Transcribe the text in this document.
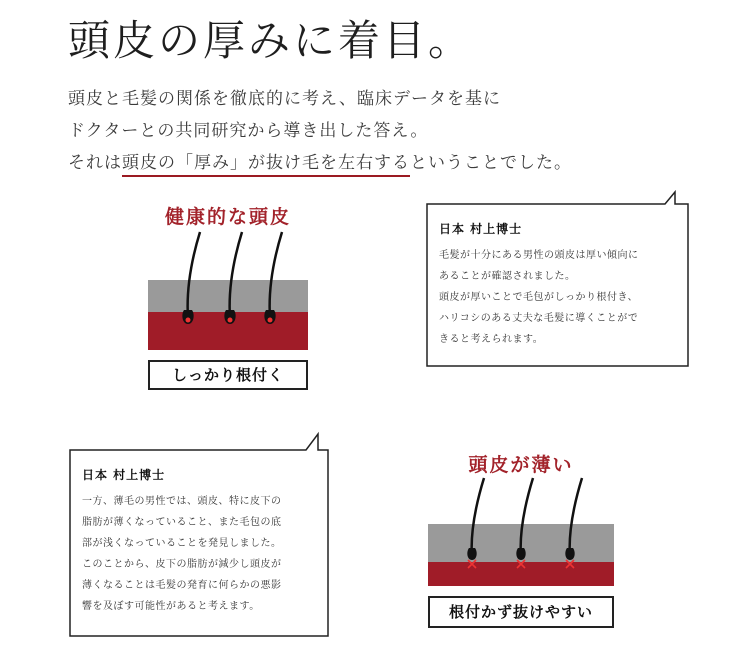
頭皮の厚みに着目。

頭皮と毛髪の関係を徹底的に考え、臨床データを基に

ドクターとの共同研究から導き出した答え。

それは頭皮の「厚み」が抜け毛を左右するということでした。

健康的な頭皮
しっかり根付く
日本 村上博士
毛髪が十分にある男性の頭皮は厚い傾向に
あることが確認されました。
頭皮が厚いことで毛包がしっかり根付き、
ハリコシのある丈夫な毛髪に導くことがで
きると考えられます。
日本 村上博士
一方、薄毛の男性では、頭皮、特に皮下の
脂肪が薄くなっていること、また毛包の底
部が浅くなっていることを発見しました。
このことから、皮下の脂肪が減少し頭皮が
薄くなることは毛髪の発育に何らかの悪影
響を及ぼす可能性があると考えます。
頭皮が薄い
根付かず抜けやすい
